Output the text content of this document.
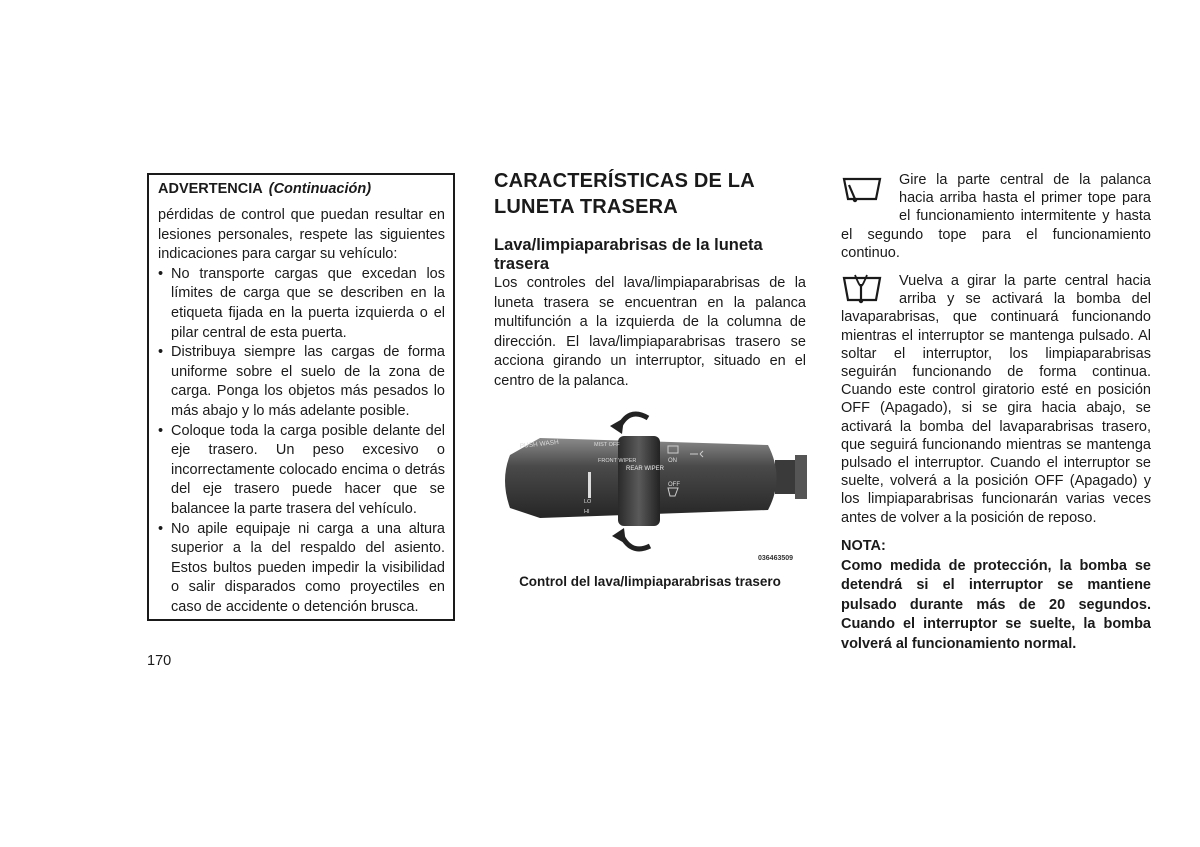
ADVERTENCIA (Continuación)

pérdidas de control que puedan resultar en lesiones personales, respete las siguientes indicaciones para cargar su vehículo:

• No transporte cargas que excedan los límites de carga que se describen en la etiqueta fijada en la puerta izquierda o el pilar central de esta puerta.
• Distribuya siempre las cargas de forma uniforme sobre el suelo de la zona de carga. Ponga los objetos más pesados lo más abajo y lo más adelante posible.
• Coloque toda la carga posible delante del eje trasero. Un peso excesivo o incorrectamente colocado encima o detrás del eje trasero puede hacer que se balancee la parte trasera del vehículo.
• No apile equipaje ni carga a una altura superior a la del respaldo del asiento. Estos bultos pueden impedir la visibilidad o salir disparados como proyectiles en caso de accidente o detención brusca.
170
CARACTERÍSTICAS DE LA LUNETA TRASERA
Lava/limpiaparabrisas de la luneta trasera

Los controles del lava/limpiaparabrisas de la luneta trasera se encuentran en la palanca multifunción a la izquierda de la columna de dirección. El lava/limpiaparabrisas trasero se acciona girando un interruptor, situado en el centro de la palanca.

PUSH WASH	MIST OFF
FRONT WIPER
REAR WIPER
ON
OFF
LO
HI
036463509
Control del lava/limpiaparabrisas trasero

Gire la parte central de la palanca hacia arriba hasta el primer tope para el funcionamiento intermitente y hasta el segundo tope para el funcionamiento continuo.

Vuelva a girar la parte central hacia arriba y se activará la bomba del lavaparabrisas, que continuará funcionando mientras el interruptor se mantenga pulsado. Al soltar el interruptor, los limpiaparabrisas seguirán funcionando de forma continua. Cuando este control giratorio esté en posición OFF (Apagado), si se gira hacia abajo, se activará la bomba del lavaparabrisas trasero, que seguirá funcionando mientras se mantenga pulsado el interruptor. Cuando el interruptor se suelte, volverá a la posición OFF (Apagado) y los limpiaparabrisas funcionarán varias veces antes de volver a la posición de reposo.

NOTA:

Como medida de protección, la bomba se detendrá si el interruptor se mantiene pulsado durante más de 20 segundos. Cuando el interruptor se suelte, la bomba volverá al funcionamiento normal.
